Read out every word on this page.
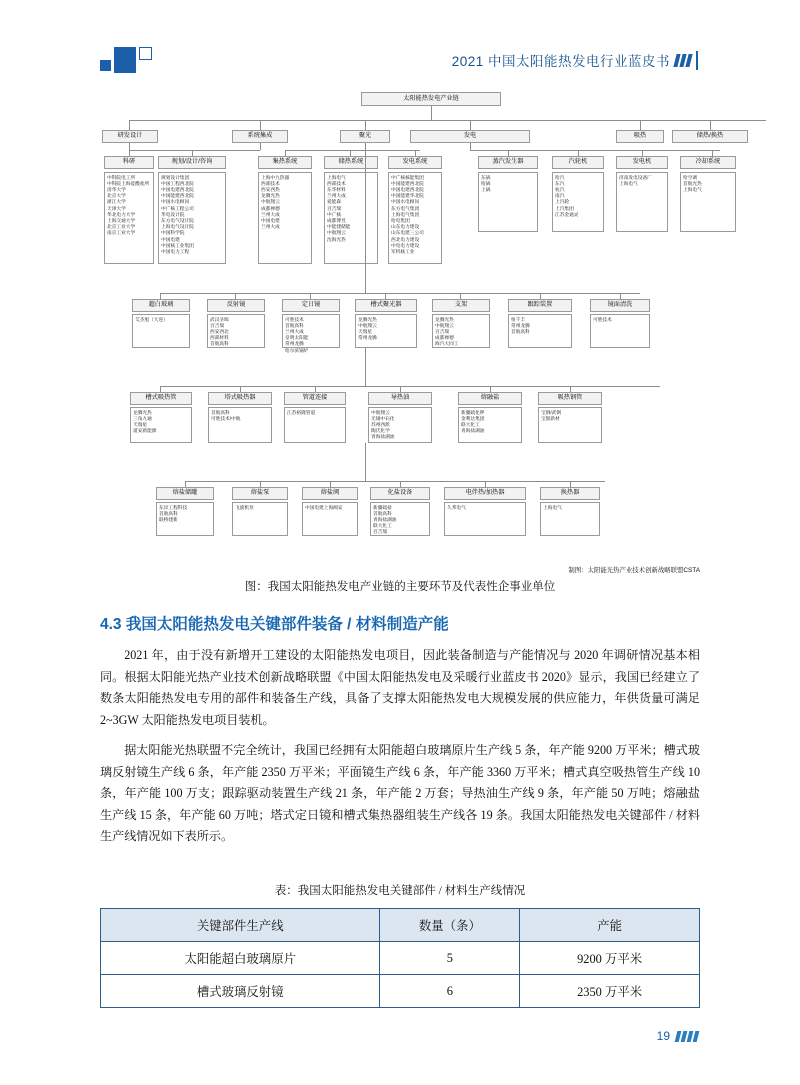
2021 中国太阳能热发电行业蓝皮书
太阳能热发电产业链
研发设计	系统集成	聚光	发电	吸热	储热/换热
科研	规划/设计/咨询	集热系统	储热系统	发电系统	蒸汽发生器	汽轮机	发电机	冷却系统
中科院电工所
中科院上海硅酸盐所
清华大学
北京大学
浙江大学
天津大学
华北电力大学
上海交通大学
北京工业大学
南京工业大学
规划设计集团
中国工程西北院
中国电建西北院
中国能建西北院
中国水电顾问
中广核工程公司
华电设计院
东方电气设计院
上海电气设计院
中国科学院
中国电建
中国核工业集团
中国电力工程
上海中九热器
西部技术
西安西热
龙腾光热
中航翔云
成都禅德
兰州大成
中国电建
兰州大成
上海电气
西部技术
东华材料
兰州大成
爱能森
百吉瑞
中广核
成都博昱
中能建储能
中航翔云
沈海光热
中广核核能集团
中国能建西北院
中国电建西北院
中国能建华北院
中国水电顾问
东方电气集团
上海电气集团
哈电集团
山东电力建设
山东电建三公司
西北电力建设
中电电力建设
军机核工业
东锅
哈锅
上锅
哈汽
东汽
杭汽
南汽
上汽轮
上汽集团
江苏金通灵
济南发电设备厂
上海电气
哈空调
首航光热
上海电气
超白玻璃	反射镜	定日镜	槽式聚光器	支架	跟踪装置	镜面清洗
艾杰旭（大连）	武汉圣晖
百吉瑞
西安西北
西部材料
首航高科
可胜技术
首航高科
兰州大成
皇明太阳能
常州龙腾
哈尔滨锅炉
龙腾光热
中航翔云
天瑞星
常州龙腾
龙腾光热
中航翔云
百吉瑞
成都禅德
海汽大同工
恒千丰
常州龙腾
首航高科
可胜技术
槽式吸热管	塔式吸热器	管道连接	导热油	熔融盐	吸热钢管
龙腾光热
三角九通
天瑞星
道安新能源
首航高科
可胜技术/中航
江苏裕隆管道	中航翔云
无锡中石化
苏州西派
陶氏化学
青海盐湖油
新疆硫化钾
金利达集团
联大化工
青海盐湖油
宝钢/武钢
宝银新材
熔盐储罐	熔盐泵	熔盐阀	化盐设备	电伴热/加热器	换热器
东岸工程科技
首航高科
联桥建新
飞旋机泵	中国电建上海阀安	新疆硫盐
首航高科
青海盐湖油
联大化工
百吉瑞
久邦电气	上海电气
制图：太阳能光热产业技术创新战略联盟CSTA
图：我国太阳能热发电产业链的主要环节及代表性企事业单位
4.3 我国太阳能热发电关键部件装备 / 材料制造产能

2021 年，由于没有新增开工建设的太阳能热发电项目，因此装备制造与产能情况与 2020 年调研情况基本相同。根据太阳能光热产业技术创新战略联盟《中国太阳能热发电及采暖行业蓝皮书 2020》显示，我国已经建立了数条太阳能热发电专用的部件和装备生产线，具备了支撑太阳能热发电大规模发展的供应能力，年供货量可满足 2~3GW 太阳能热发电项目装机。

据太阳能光热联盟不完全统计，我国已经拥有太阳能超白玻璃原片生产线 5 条，年产能 9200 万平米；槽式玻璃反射镜生产线 6 条，年产能 2350 万平米；平面镜生产线 6 条，年产能 3360 万平米；槽式真空吸热管生产线 10 条，年产能 100 万支；跟踪驱动装置生产线 21 条，年产能 2 万套；导热油生产线 9 条，年产能 50 万吨；熔融盐生产线 15 条，年产能 60 万吨；塔式定日镜和槽式集热器组装生产线各 19 条。我国太阳能热发电关键部件 / 材料生产线情况如下表所示。

表：我国太阳能热发电关键部件 / 材料生产线情况
关键部件生产线	数量（条）	产能
太阳能超白玻璃原片	5	9200 万平米
槽式玻璃反射镜	6	2350 万平米
19
